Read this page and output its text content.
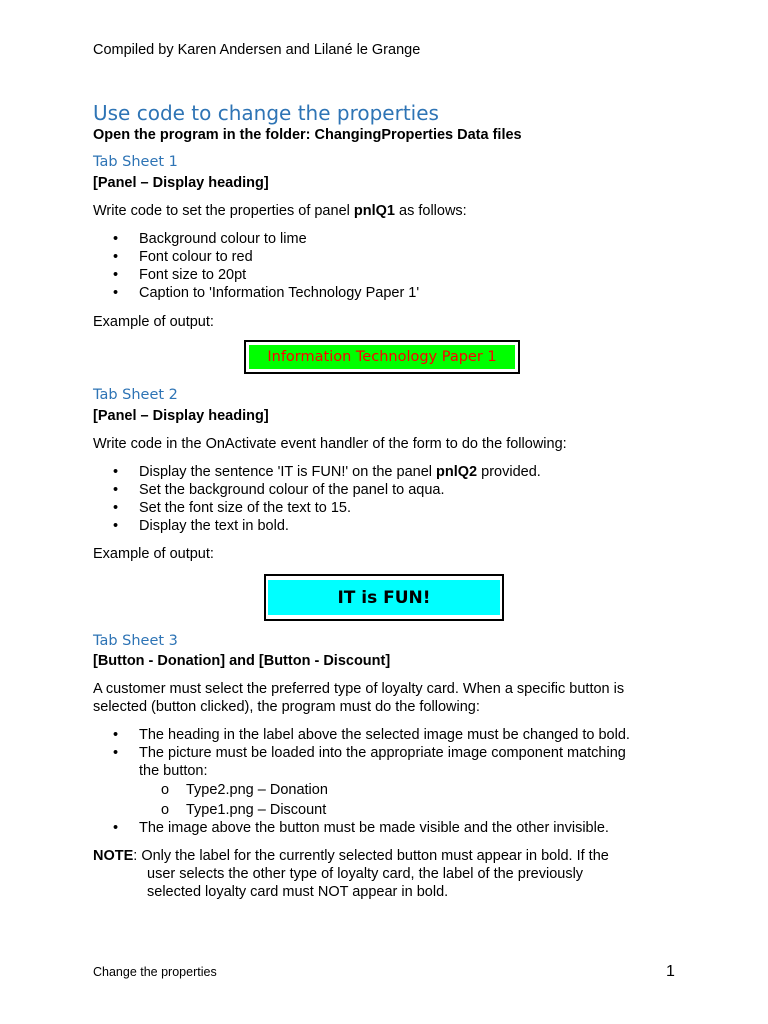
Compiled by Karen Andersen and Lilané le Grange
Use code to change the properties
Open the program in the folder: ChangingProperties Data files
Tab Sheet 1
[Panel – Display heading]
Write code to set the properties of panel pnlQ1 as follows:
• Background colour to lime
• Font colour to red
• Font size to 20pt
• Caption to 'Information Technology Paper 1'
Example of output:
Information Technology Paper 1
Tab Sheet 2
[Panel – Display heading]
Write code in the OnActivate event handler of the form to do the following:
• Display the sentence 'IT is FUN!' on the panel pnlQ2 provided.
• Set the background colour of the panel to aqua.
• Set the font size of the text to 15.
• Display the text in bold.
Example of output:
IT is FUN!
Tab Sheet 3
[Button - Donation] and [Button - Discount]
A customer must select the preferred type of loyalty card. When a specific button is
selected (button clicked), the program must do the following:
• The heading in the label above the selected image must be changed to bold.
• The picture must be loaded into the appropriate image component matching
the button:
o Type2.png – Donation
o Type1.png – Discount
• The image above the button must be made visible and the other invisible.
NOTE: Only the label for the currently selected button must appear in bold. If the
user selects the other type of loyalty card, the label of the previously
selected loyalty card must NOT appear in bold.
Change the properties	1
